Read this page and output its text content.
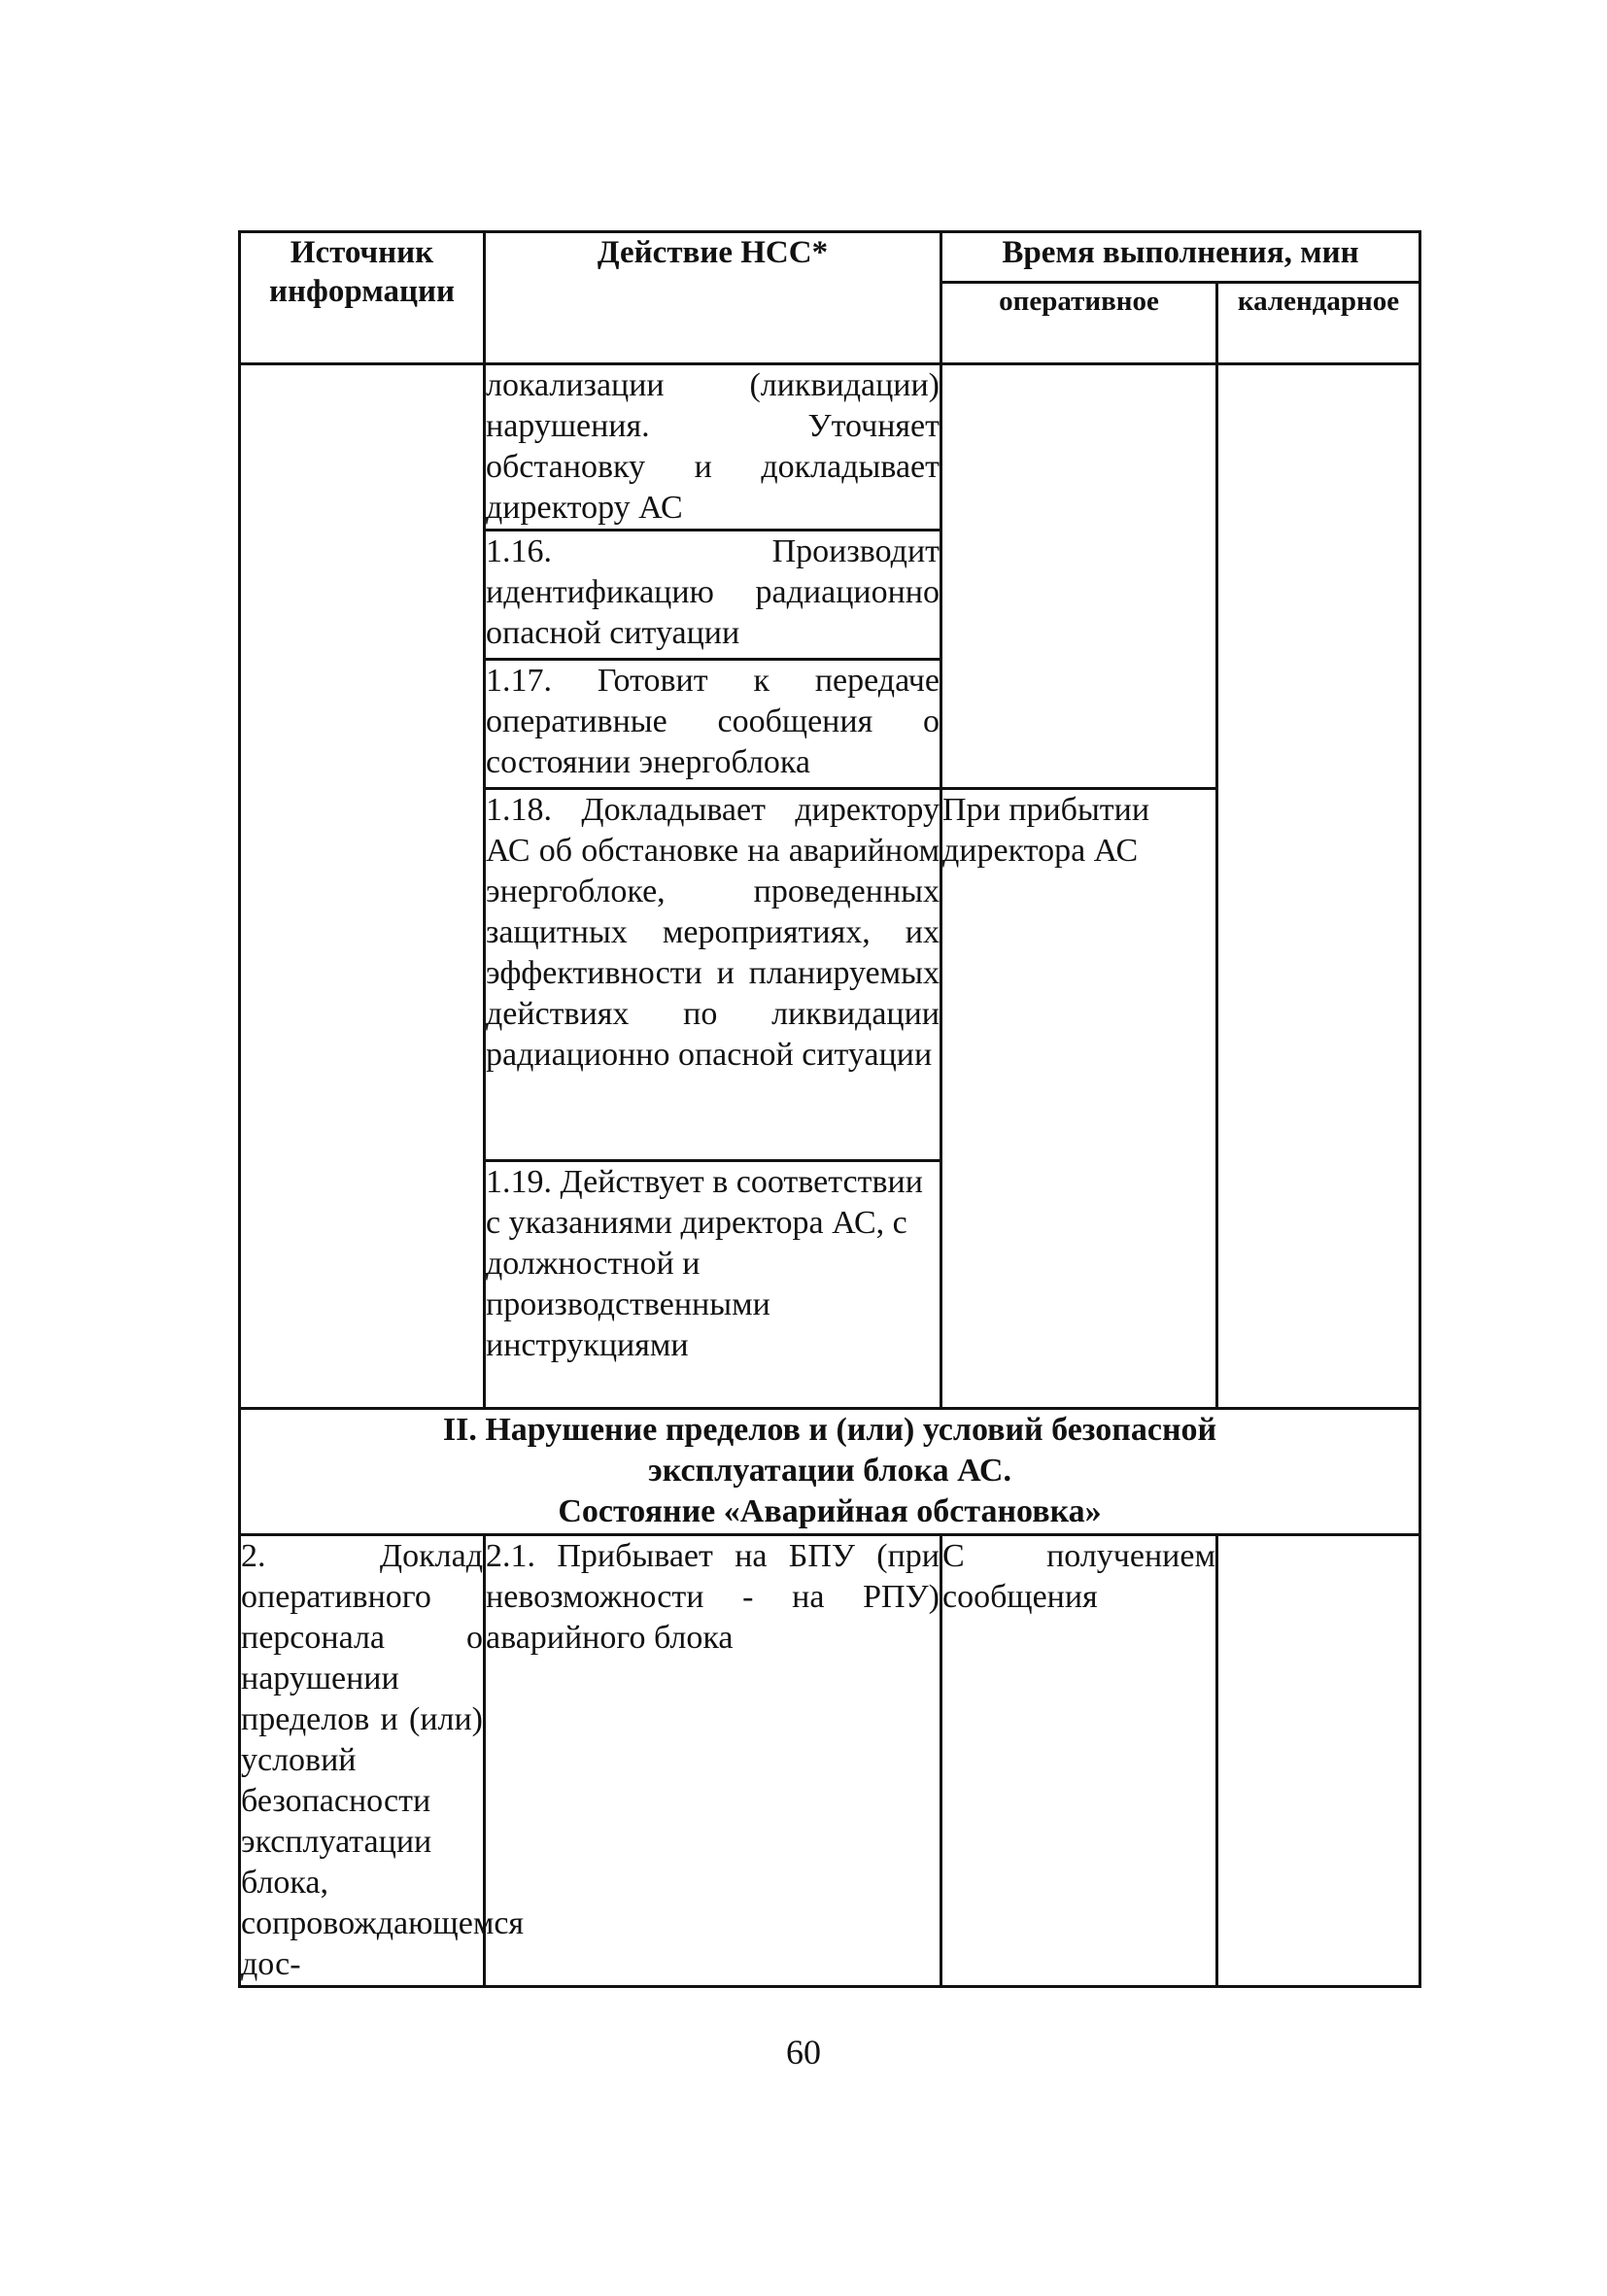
Источник информации	Действие НСС*	Время выполнения, мин	
		оперативное	календарное
	локализации (ликвидации) нарушения. Уточняет обстановку и докладывает директору АС		
	1.16. Производит идентификацию радиационно опасной ситуации		
	1.17. Готовит к передаче оперативные сообщения о состоянии энергоблока		
	1.18. Докладывает директору АС об обстановке на аварийном энергоблоке, проведенных защитных мероприятиях, их эффективности и планируемых действиях по ликвидации радиационно опасной ситуации	При прибытии директора АС	
	1.19. Действует в соответствии с указаниями директора АС, с должностной и производственными инструкциями		

II. Нарушение пределов и (или) условий безопасной
эксплуатации блока АС.
Состояние «Аварийная обстановка»			

2. Доклад оперативного персонала о нарушении пределов и (или) условий безопасности эксплуатации блока, сопровождающемся дос-	2.1. Прибывает на БПУ (при невозможности - на РПУ) аварийного блока	С получением сообщения	
60
